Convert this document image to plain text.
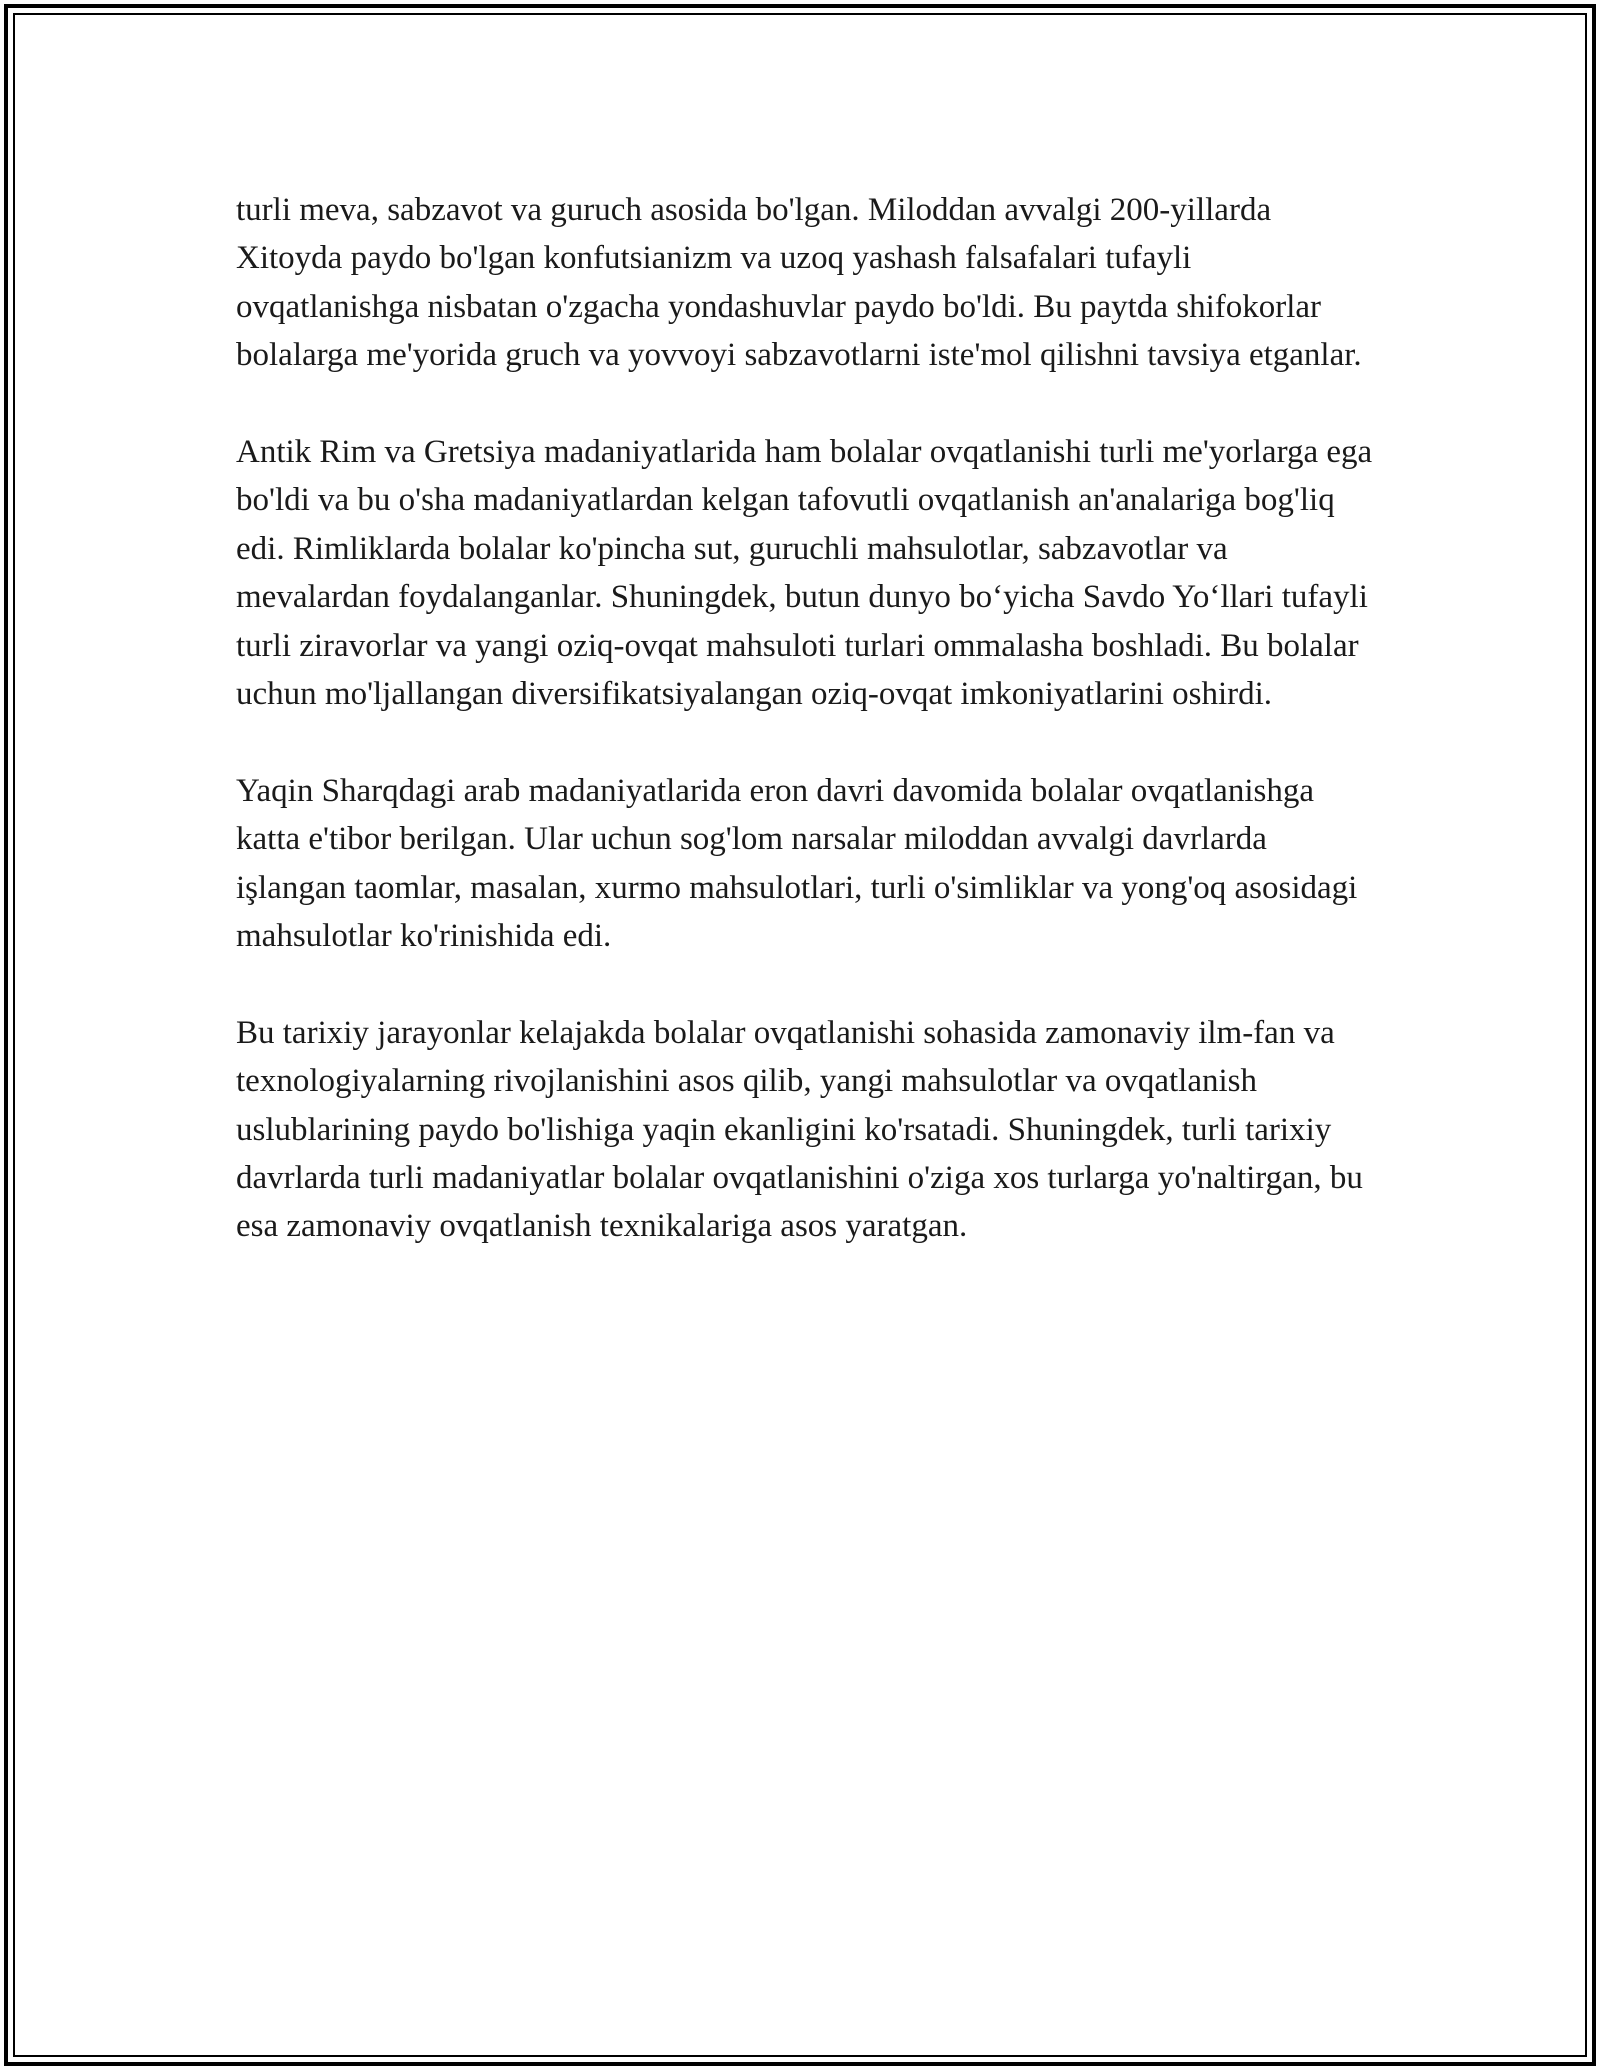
turli meva, sabzavot va guruch asosida bo'lgan. Miloddan avvalgi 200-yillarda Xitoyda paydo bo'lgan konfutsianizm va uzoq yashash falsafalari tufayli ovqatlanishga nisbatan o'zgacha yondashuvlar paydo bo'ldi. Bu paytda shifokorlar bolalarga me'yorida gruch va yovvoyi sabzavotlarni iste'mol qilishni tavsiya etganlar.

Antik Rim va Gretsiya madaniyatlarida ham bolalar ovqatlanishi turli me'yorlarga ega bo'ldi va bu o'sha madaniyatlardan kelgan tafovutli ovqatlanish an'analariga bog'liq edi. Rimliklarda bolalar ko'pincha sut, guruchli mahsulotlar, sabzavotlar va mevalardan foydalanganlar. Shuningdek, butun dunyo bo‘yicha Savdo Yo‘llari tufayli turli ziravorlar va yangi oziq-ovqat mahsuloti turlari ommalasha boshladi. Bu bolalar uchun mo'ljallangan diversifikatsiyalangan oziq-ovqat imkoniyatlarini oshirdi.

Yaqin Sharqdagi arab madaniyatlarida eron davri davomida bolalar ovqatlanishga katta e'tibor berilgan. Ular uchun sog'lom narsalar miloddan avvalgi davrlarda işlangan taomlar, masalan, xurmo mahsulotlari, turli o'simliklar va yong'oq asosidagi mahsulotlar ko'rinishida edi.

Bu tarixiy jarayonlar kelajakda bolalar ovqatlanishi sohasida zamonaviy ilm-fan va texnologiyalarning rivojlanishini asos qilib, yangi mahsulotlar va ovqatlanish uslublarining paydo bo'lishiga yaqin ekanligini ko'rsatadi. Shuningdek, turli tarixiy davrlarda turli madaniyatlar bolalar ovqatlanishini o'ziga xos turlarga yo'naltirgan, bu esa zamonaviy ovqatlanish texnikalariga asos yaratgan.
